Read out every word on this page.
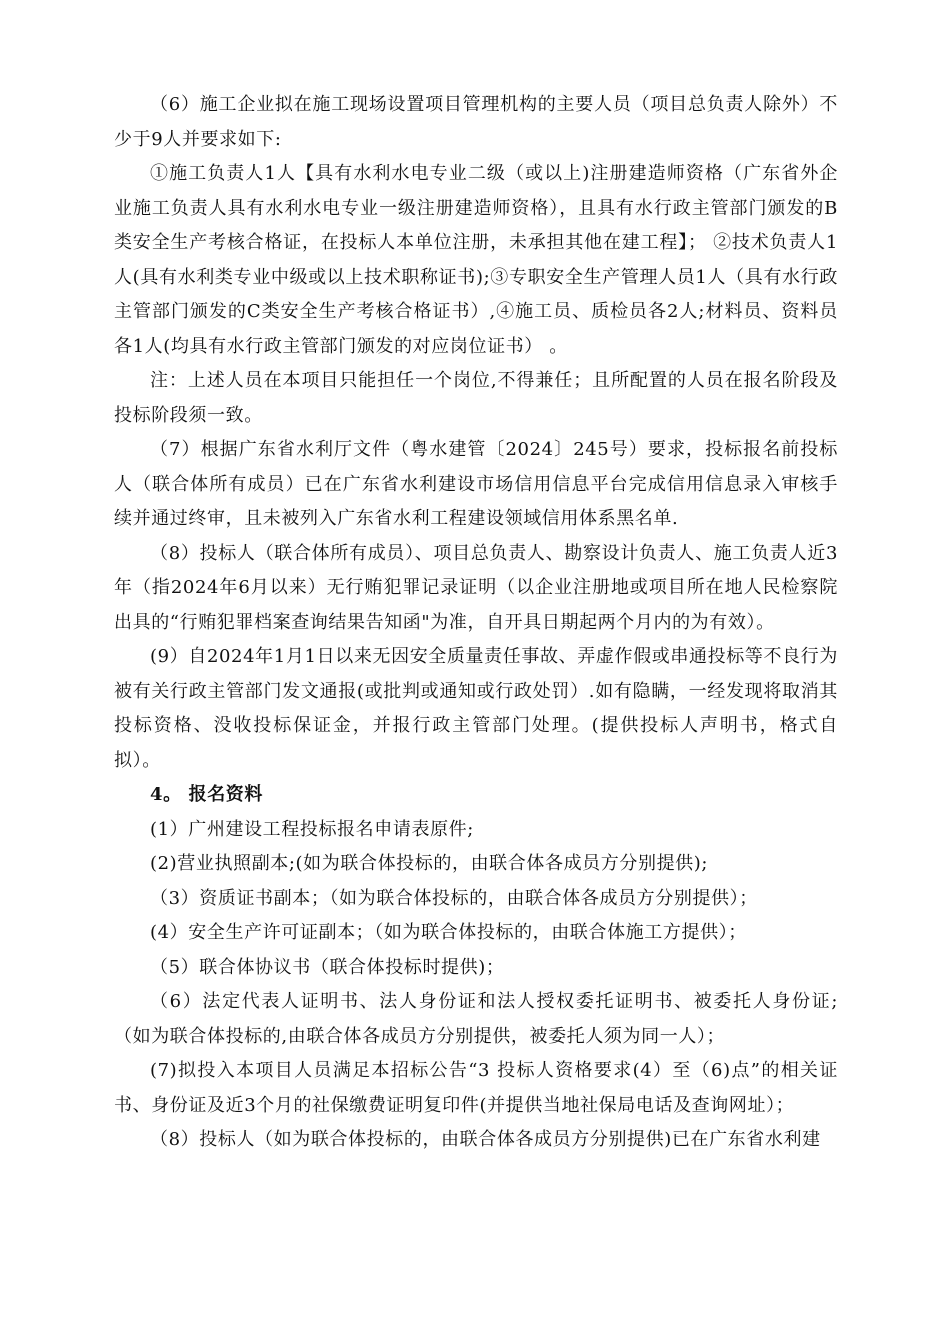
（6）施工企业拟在施工现场设置项目管理机构的主要人员（项目总负责人除外）不少于9人并要求如下:

①施工负责人1人【具有水利水电专业二级（或以上)注册建造师资格（广东省外企业施工负责人具有水利水电专业一级注册建造师资格），且具有水行政主管部门颁发的B类安全生产考核合格证，在投标人本单位注册，未承担其他在建工程】； ②技术负责人1人(具有水利类专业中级或以上技术职称证书);③专职安全生产管理人员1人（具有水行政主管部门颁发的C类安全生产考核合格证书）,④施工员、质检员各2人;材料员、资料员各1人(均具有水行政主管部门颁发的对应岗位证书） 。

注：上述人员在本项目只能担任一个岗位,不得兼任；且所配置的人员在报名阶段及投标阶段须一致。

（7）根据广东省水利厅文件（粤水建管〔2024〕245号）要求，投标报名前投标人（联合体所有成员）已在广东省水利建设市场信用信息平台完成信用信息录入审核手续并通过终审，且未被列入广东省水利工程建设领域信用体系黑名单.

（8）投标人（联合体所有成员）、项目总负责人、勘察设计负责人、施工负责人近3年（指2024年6月以来）无行贿犯罪记录证明（以企业注册地或项目所在地人民检察院出具的“行贿犯罪档案查询结果告知函"为准，自开具日期起两个月内的为有效）。

(9）自2024年1月1日以来无因安全质量责任事故、弄虚作假或串通投标等不良行为被有关行政主管部门发文通报(或批判或通知或行政处罚）.如有隐瞒，一经发现将取消其投标资格、没收投标保证金，并报行政主管部门处理。(提供投标人声明书，格式自拟）。

4。 报名资料

(1）广州建设工程投标报名申请表原件;

(2)营业执照副本;(如为联合体投标的，由联合体各成员方分别提供);

（3）资质证书副本；（如为联合体投标的，由联合体各成员方分别提供）；

(4）安全生产许可证副本；（如为联合体投标的，由联合体施工方提供）；

（5）联合体协议书（联合体投标时提供)；

（6）法定代表人证明书、法人身份证和法人授权委托证明书、被委托人身份证;（如为联合体投标的,由联合体各成员方分别提供，被委托人须为同一人）；

(7)拟投入本项目人员满足本招标公告“3 投标人资格要求(4）至（6)点”的相关证书、身份证及近3个月的社保缴费证明复印件(并提供当地社保局电话及查询网址）；

（8）投标人（如为联合体投标的，由联合体各成员方分别提供)已在广东省水利建
